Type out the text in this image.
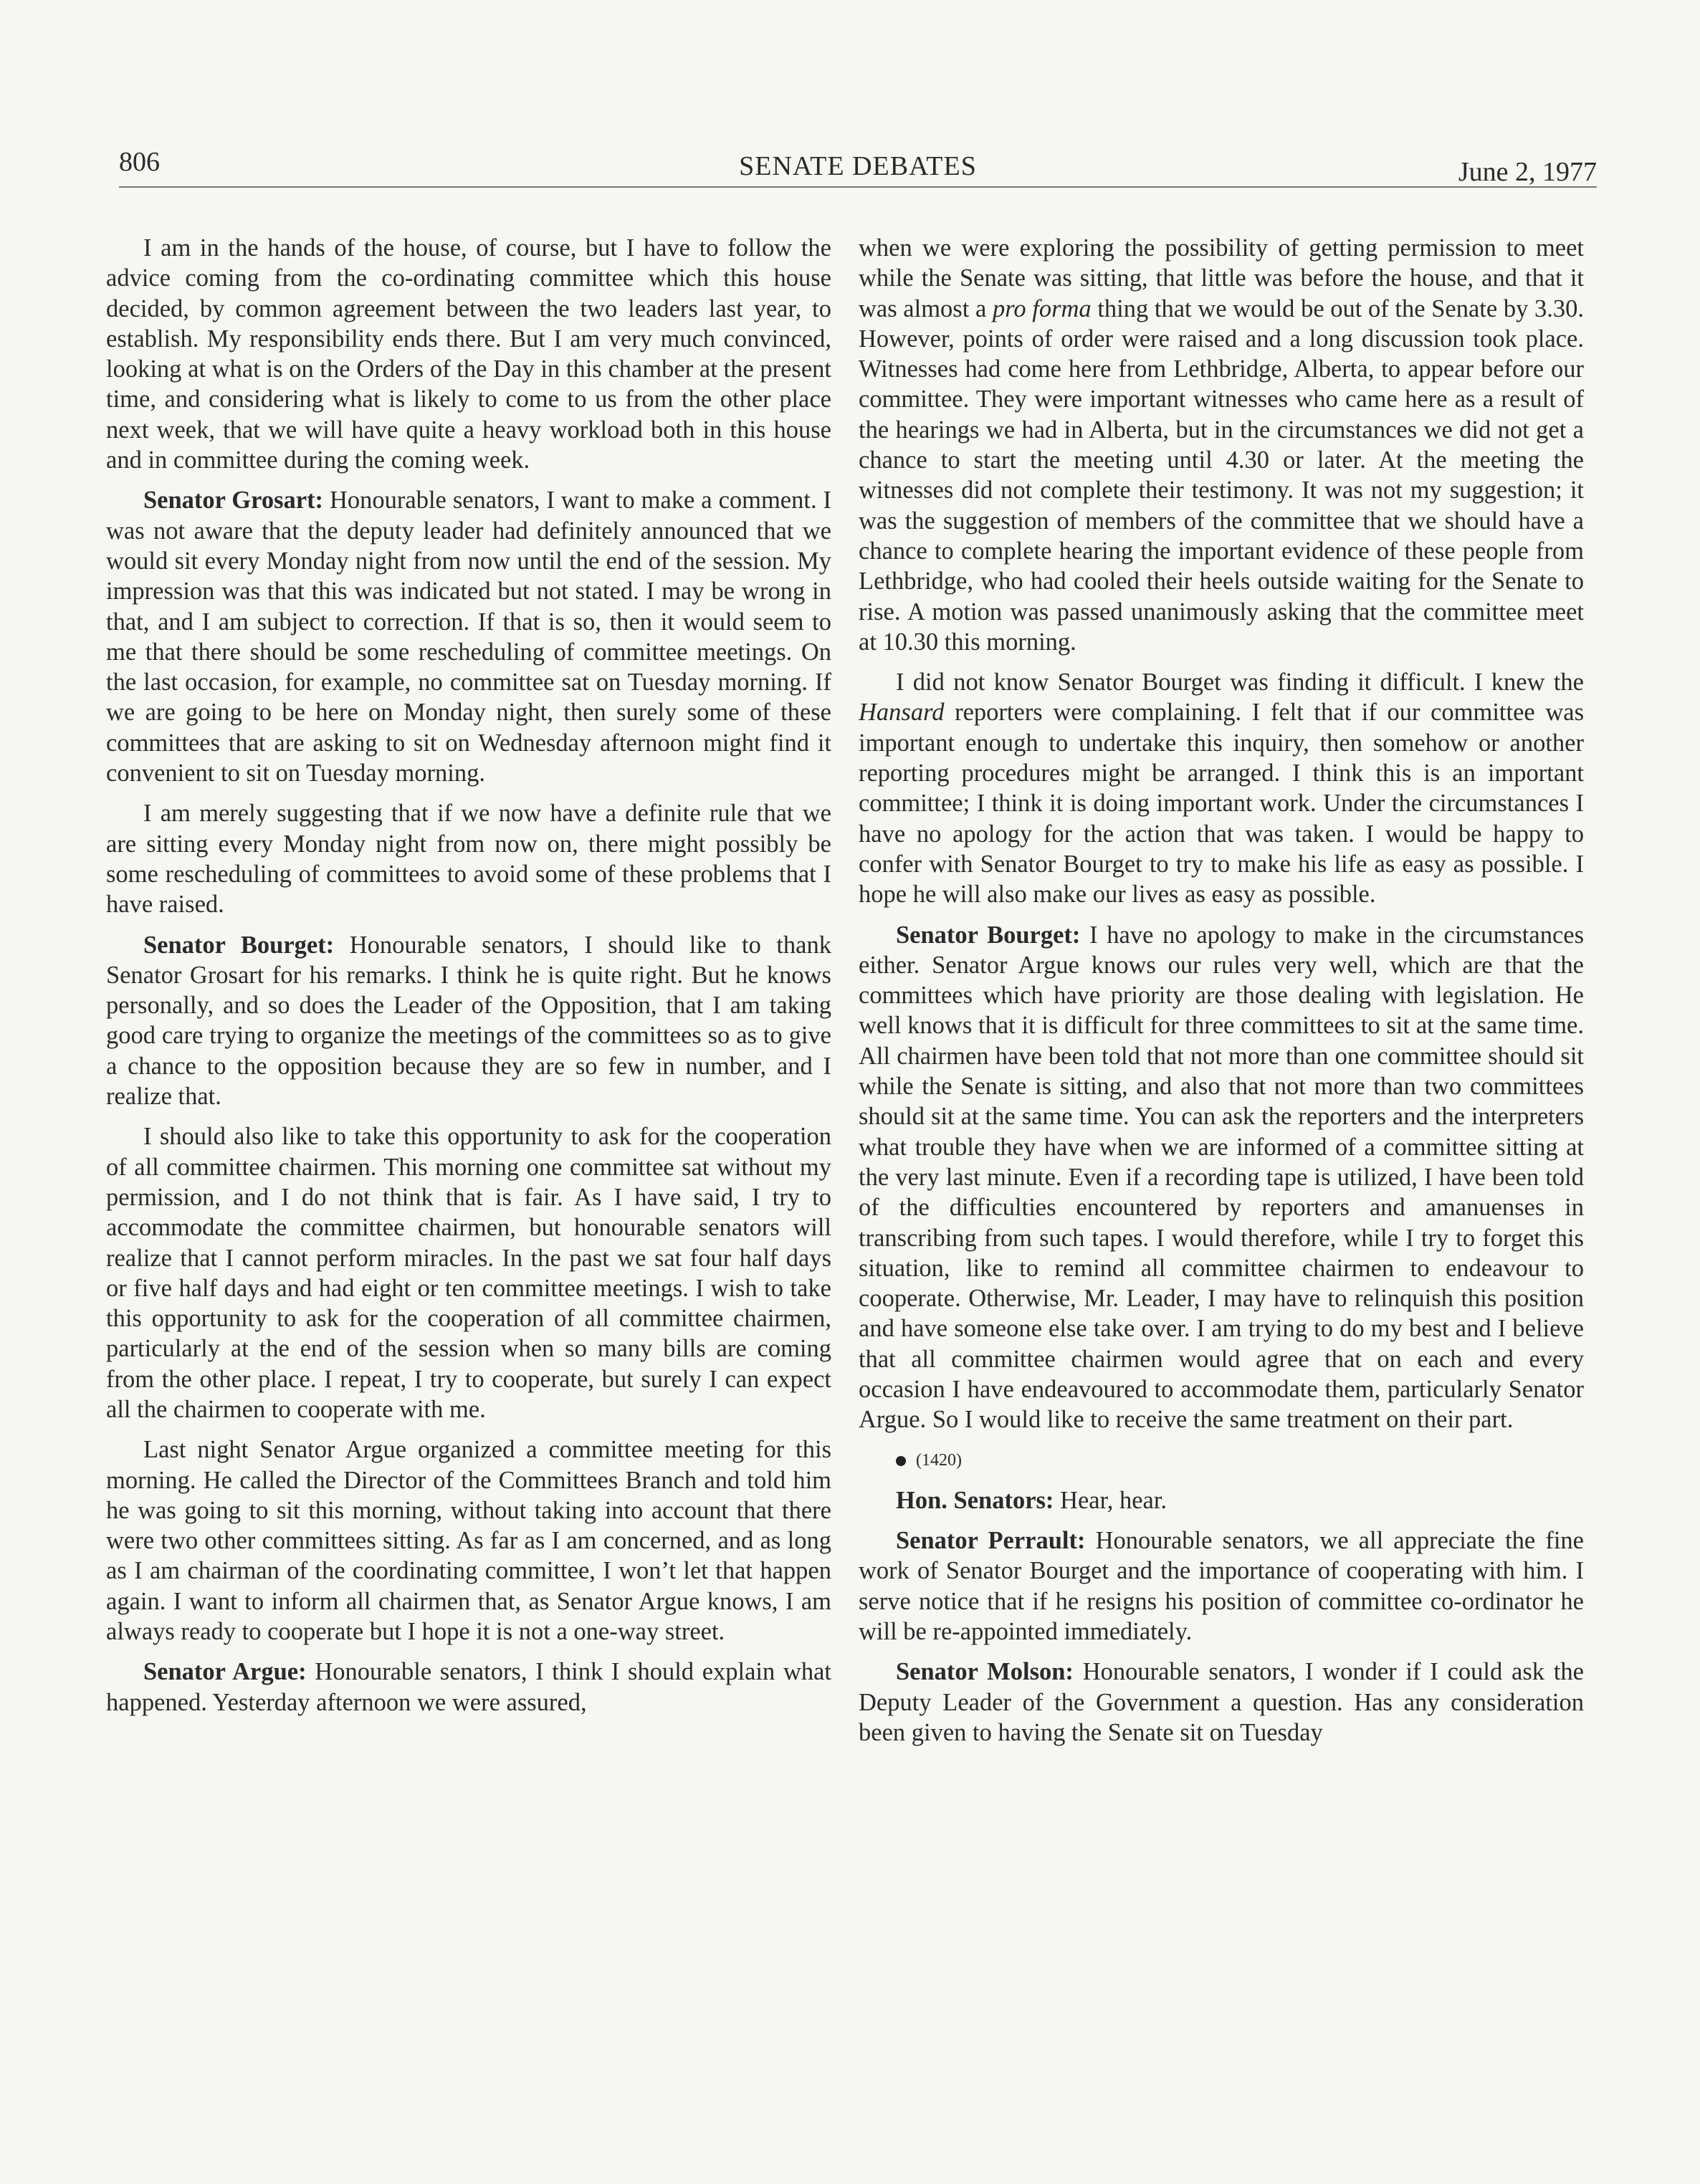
806	SENATE DEBATES	June 2, 1977

I am in the hands of the house, of course, but I have to follow the advice coming from the co-ordinating committee which this house decided, by common agreement between the two leaders last year, to establish. My responsibility ends there. But I am very much convinced, looking at what is on the Orders of the Day in this chamber at the present time, and considering what is likely to come to us from the other place next week, that we will have quite a heavy workload both in this house and in committee during the coming week.

Senator Grosart: Honourable senators, I want to make a comment. I was not aware that the deputy leader had definitely announced that we would sit every Monday night from now until the end of the session. My impression was that this was indicated but not stated. I may be wrong in that, and I am subject to correction. If that is so, then it would seem to me that there should be some rescheduling of committee meetings. On the last occasion, for example, no committee sat on Tuesday morning. If we are going to be here on Monday night, then surely some of these committees that are asking to sit on Wednesday afternoon might find it convenient to sit on Tuesday morning.

I am merely suggesting that if we now have a definite rule that we are sitting every Monday night from now on, there might possibly be some rescheduling of committees to avoid some of these problems that I have raised.

Senator Bourget: Honourable senators, I should like to thank Senator Grosart for his remarks. I think he is quite right. But he knows personally, and so does the Leader of the Opposition, that I am taking good care trying to organize the meetings of the committees so as to give a chance to the opposition because they are so few in number, and I realize that.

I should also like to take this opportunity to ask for the cooperation of all committee chairmen. This morning one committee sat without my permission, and I do not think that is fair. As I have said, I try to accommodate the committee chairmen, but honourable senators will realize that I cannot perform miracles. In the past we sat four half days or five half days and had eight or ten committee meetings. I wish to take this opportunity to ask for the cooperation of all committee chairmen, particularly at the end of the session when so many bills are coming from the other place. I repeat, I try to cooperate, but surely I can expect all the chairmen to cooperate with me.

Last night Senator Argue organized a committee meeting for this morning. He called the Director of the Committees Branch and told him he was going to sit this morning, without taking into account that there were two other committees sitting. As far as I am concerned, and as long as I am chairman of the coordinating committee, I won’t let that happen again. I want to inform all chairmen that, as Senator Argue knows, I am always ready to cooperate but I hope it is not a one-way street.

Senator Argue: Honourable senators, I think I should explain what happened. Yesterday afternoon we were assured,

when we were exploring the possibility of getting permission to meet while the Senate was sitting, that little was before the house, and that it was almost a pro forma thing that we would be out of the Senate by 3.30. However, points of order were raised and a long discussion took place. Witnesses had come here from Lethbridge, Alberta, to appear before our committee. They were important witnesses who came here as a result of the hearings we had in Alberta, but in the circumstances we did not get a chance to start the meeting until 4.30 or later. At the meeting the witnesses did not complete their testimony. It was not my suggestion; it was the suggestion of members of the committee that we should have a chance to complete hearing the important evidence of these people from Lethbridge, who had cooled their heels outside waiting for the Senate to rise. A motion was passed unanimously asking that the committee meet at 10.30 this morning.

I did not know Senator Bourget was finding it difficult. I knew the Hansard reporters were complaining. I felt that if our committee was important enough to undertake this inquiry, then somehow or another reporting procedures might be arranged. I think this is an important committee; I think it is doing important work. Under the circumstances I have no apology for the action that was taken. I would be happy to confer with Senator Bourget to try to make his life as easy as possible. I hope he will also make our lives as easy as possible.

Senator Bourget: I have no apology to make in the circumstances either. Senator Argue knows our rules very well, which are that the committees which have priority are those dealing with legislation. He well knows that it is difficult for three committees to sit at the same time. All chairmen have been told that not more than one committee should sit while the Senate is sitting, and also that not more than two committees should sit at the same time. You can ask the reporters and the interpreters what trouble they have when we are informed of a committee sitting at the very last minute. Even if a recording tape is utilized, I have been told of the difficulties encountered by reporters and amanuenses in transcribing from such tapes. I would therefore, while I try to forget this situation, like to remind all committee chairmen to endeavour to cooperate. Otherwise, Mr. Leader, I may have to relinquish this position and have someone else take over. I am trying to do my best and I believe that all committee chairmen would agree that on each and every occasion I have endeavoured to accommodate them, particularly Senator Argue. So I would like to receive the same treatment on their part.

(1420)

Hon. Senators: Hear, hear.

Senator Perrault: Honourable senators, we all appreciate the fine work of Senator Bourget and the importance of cooperating with him. I serve notice that if he resigns his position of committee co-ordinator he will be re-appointed immediately.

Senator Molson: Honourable senators, I wonder if I could ask the Deputy Leader of the Government a question. Has any consideration been given to having the Senate sit on Tuesday
